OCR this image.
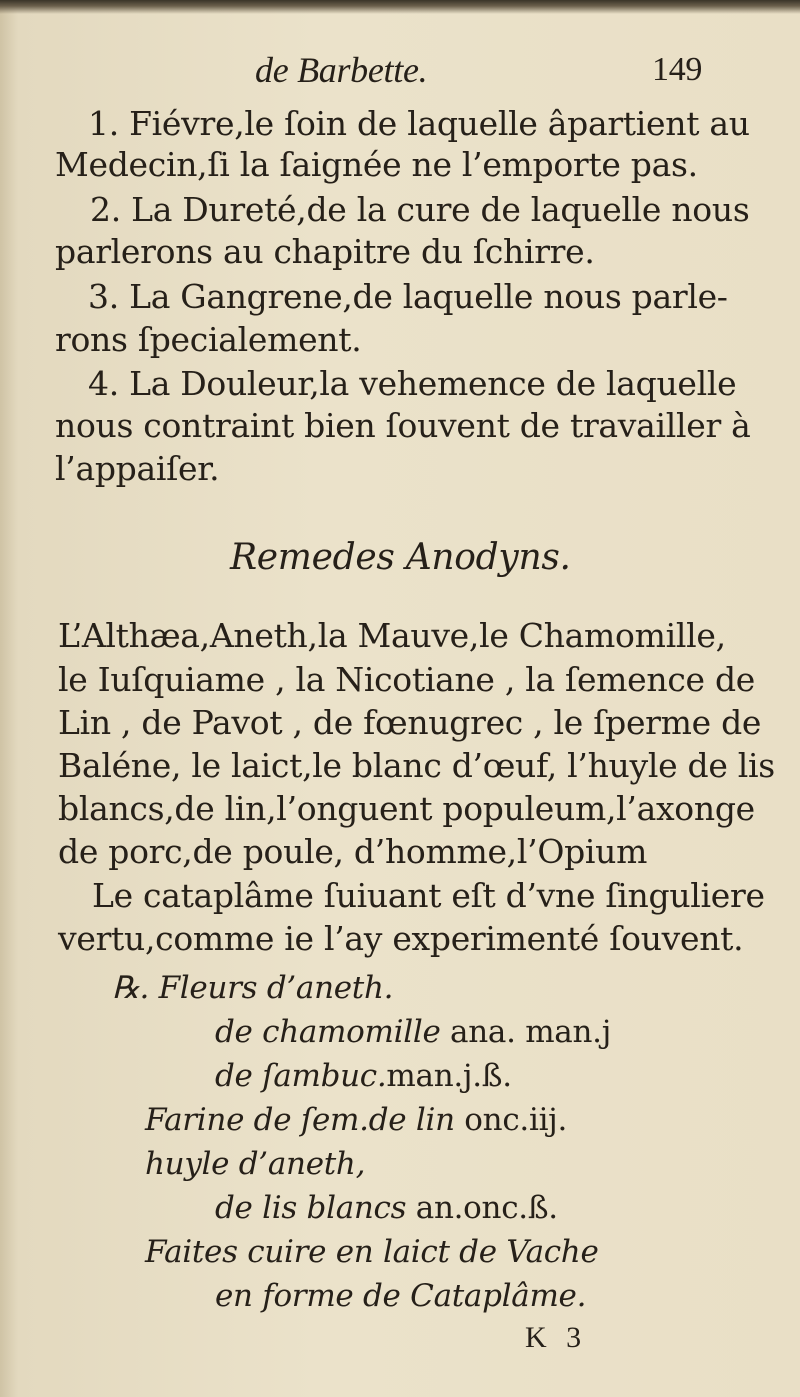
de Barbette.	149
1. Fiévre,le ſoin de laquelle âpartient au
Medecin,ſi la ſaignée ne l’emporte pas.
2. La Dureté,de la cure de laquelle nous
parlerons au chapitre du ſchirre.
3. La Gangrene,de laquelle nous parle-
rons ſpecialement.
4. La Douleur,la vehemence de laquelle
nous contraint bien ſouvent de travailler à
l’appaiſer.
Remedes Anodyns.
L’Althæa,Aneth,la Mauve,le Chamomille,
le Iuſquiame , la Nicotiane , la ſemence de
Lin , de Pavot , de fœnugrec , le ſperme de
Baléne, le laict,le blanc d’œuf, l’huyle de lis
blancs,de lin,l’onguent populeum,l’axonge
de porc,de poule, d’homme,l’Opium
Le cataplâme ſuiuant eſt d’vne ſinguliere
vertu,comme ie l’ay experimenté ſouvent.
℞. Fleurs d’aneth.
de chamomille ana. man.j
de ſambuc.man.j.ß.
Farine de ſem.de lin onc.iij.
huyle d’aneth,
de lis blancs an.onc.ß.
Faites cuire en laict de Vache
en forme de Cataplâme.
K 3
